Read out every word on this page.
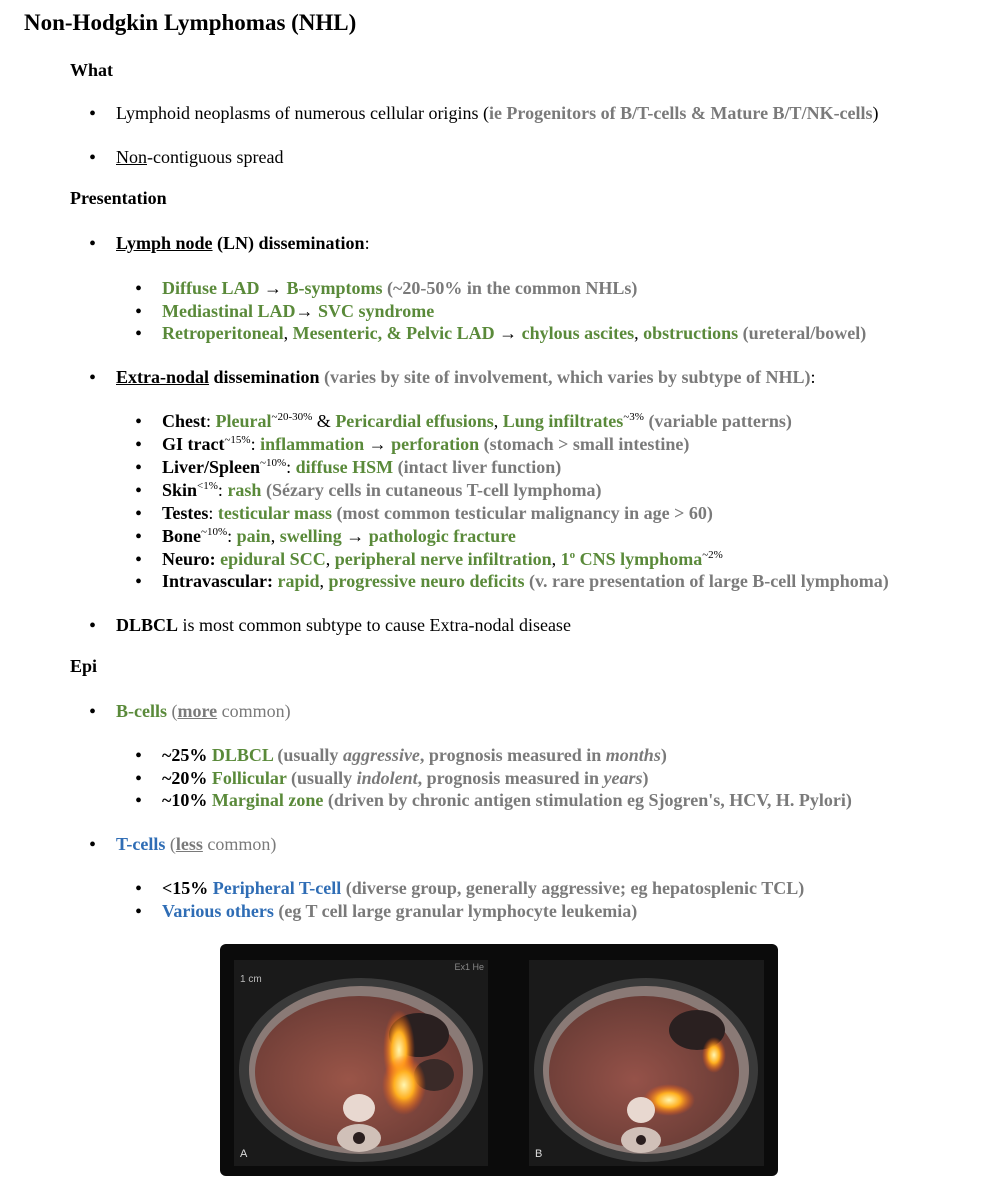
Non-Hodgkin Lymphomas (NHL)
What
• Lymphoid neoplasms of numerous cellular origins (ie Progenitors of B/T-cells & Mature B/T/NK-cells)
• Non-contiguous spread
Presentation
• Lymph node (LN) dissemination:
• Diffuse LAD → B-symptoms (~20-50% in the common NHLs)
• Mediastinal LAD→ SVC syndrome
• Retroperitoneal, Mesenteric, & Pelvic LAD → chylous ascites, obstructions (ureteral/bowel)
• Extra-nodal dissemination (varies by site of involvement, which varies by subtype of NHL):
• Chest: Pleural$^{\sim 20-30\%}$ & Pericardial effusions, Lung infiltrates$^{\sim 3\%}$ (variable patterns)
• GI tract$^{\sim 15\%}$: inflammation → perforation (stomach > small intestine)
• Liver/Spleen$^{\sim 10\%}$: diffuse HSM (intact liver function)
• Skin$^{<1\%}$: rash (Sézary cells in cutaneous T-cell lymphoma)
• Testes: testicular mass (most common testicular malignancy in age > 60)
• Bone$^{\sim 10\%}$: pain, swelling → pathologic fracture
• Neuro: epidural SCC, peripheral nerve infiltration, 1$^o$ CNS lymphoma$^{\sim 2\%}$
• Intravascular: rapid, progressive neuro deficits (v. rare presentation of large B-cell lymphoma)
• DLBCL is most common subtype to cause Extra-nodal disease
Epi
• B-cells (more common)
• ~25% DLBCL (usually aggressive, prognosis measured in months)
• ~20% Follicular (usually indolent, prognosis measured in years)
• ~10% Marginal zone (driven by chronic antigen stimulation eg Sjogren's, HCV, H. Pylori)
• T-cells (less common)
• <15% Peripheral T-cell (diverse group, generally aggressive; eg hepatosplenic TCL)
• Various others (eg T cell large granular lymphocyte leukemia)
1 cm
Ex1 He
A	B
